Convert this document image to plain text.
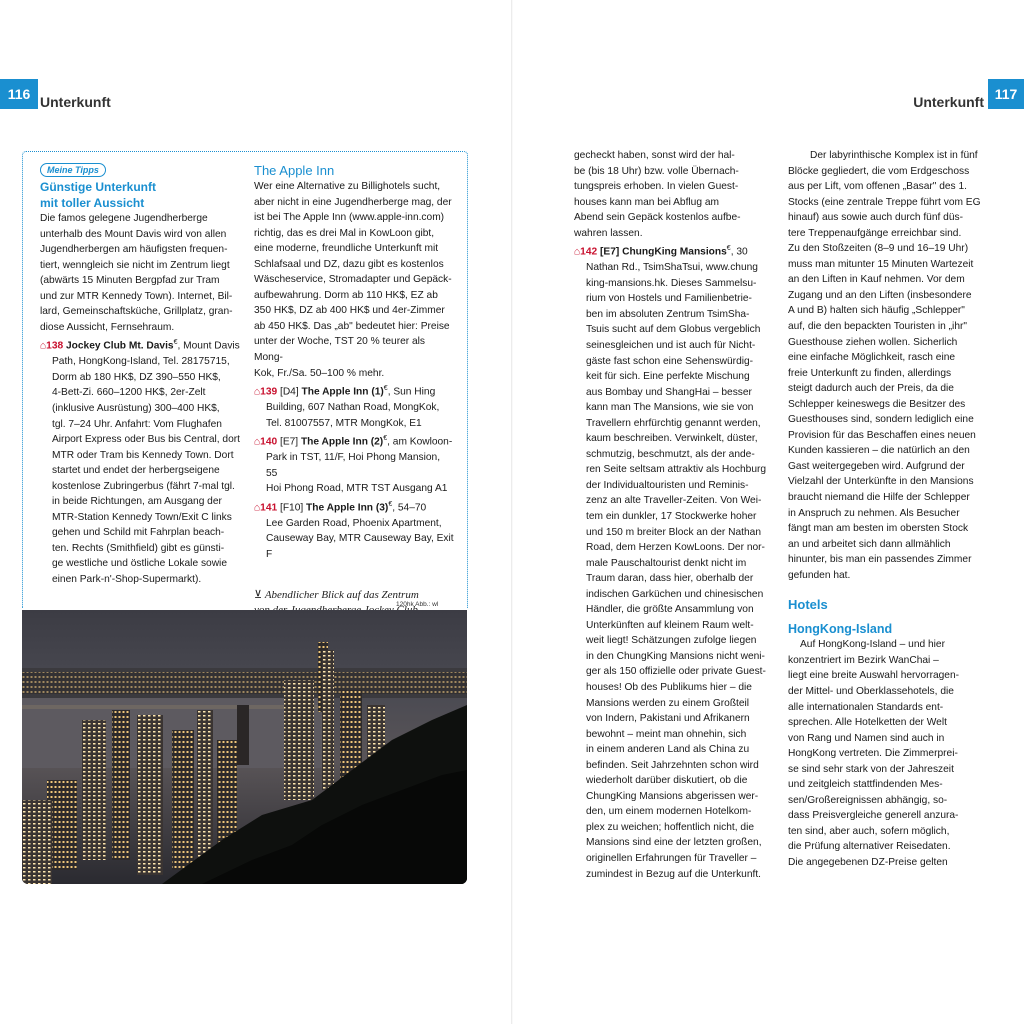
116 Unterkunft	Unterkunft 117
Meine Tipps
Günstige Unterkunft
mit toller Aussicht
Die famos gelegene Jugendherberge
unterhalb des Mount Davis wird von allen
Jugendherbergen am häufigsten frequen-
tiert, wenngleich sie nicht im Zentrum liegt
(abwärts 15 Minuten Bergpfad zur Tram
und zur MTR Kennedy Town). Internet, Bil-
lard, Gemeinschaftsküche, Grillplatz, gran-
diose Aussicht, Fernsehraum.
⌂138 Jockey Club Mt. Davis€, Mount Davis
Path, HongKong-Island, Tel. 28175715,
Dorm ab 180 HK$, DZ 390–550 HK$,
4-Bett-Zi. 660–1200 HK$, 2er-Zelt
(inklusive Ausrüstung) 300–400 HK$,
tgl. 7–24 Uhr. Anfahrt: Vom Flughafen
Airport Express oder Bus bis Central, dort
MTR oder Tram bis Kennedy Town. Dort
startet und endet der herbergseigene
kostenlose Zubringerbus (fährt 7-mal tgl.
in beide Richtungen, am Ausgang der
MTR-Station Kennedy Town/Exit C links
gehen und Schild mit Fahrplan beach-
ten. Rechts (Smithfield) gibt es günsti-
ge westliche und östliche Lokale sowie
einen Park-n'-Shop-Supermarkt).
The Apple Inn
Wer eine Alternative zu Billighotels sucht,
aber nicht in eine Jugendherberge mag, der
ist bei The Apple Inn (www.apple-inn.com)
richtig, das es drei Mal in KowLoon gibt,
eine moderne, freundliche Unterkunft mit
Schlafsaal und DZ, dazu gibt es kostenlos
Wäscheservice, Stromadapter und Gepäck-
aufbewahrung. Dorm ab 110 HK$, EZ ab
350 HK$, DZ ab 400 HK$ und 4er-Zimmer
ab 450 HK$. Das „ab" bedeutet hier: Preise
unter der Woche, TST 20 % teurer als Mong-
Kok, Fr./Sa. 50–100 % mehr.
⌂139 [D4] The Apple Inn (1)€, Sun Hing
Building, 607 Nathan Road, MongKok,
Tel. 81007557, MTR MongKok, E1
⌂140 [E7] The Apple Inn (2)€, am Kowloon-
Park in TST, 11/F, Hoi Phong Mansion, 55
Hoi Phong Road, MTR TST Ausgang A1
⌂141 [F10] The Apple Inn (3)€, 54–70
Lee Garden Road, Phoenix Apartment,
Causeway Bay, MTR Causeway Bay, Exit F
⊻ Abendlicher Blick auf das Zentrum
120hk Abb.: wl
gecheckt haben, sonst wird der hal-
be (bis 18 Uhr) bzw. volle Übernach-
tungspreis erhoben. In vielen Guest-
houses kann man bei Abflug am
Abend sein Gepäck kostenlos aufbe-
wahren lassen.
⌂142 [E7] ChungKing Mansions€, 30
Nathan Rd., TsimShaTsui, www.chung
king-mansions.hk. Dieses Sammelsu-
rium von Hostels und Familienbetrie-
ben im absoluten Zentrum TsimSha-
Tsuis sucht auf dem Globus vergeblich
seinesgleichen und ist auch für Nicht-
gäste fast schon eine Sehenswürdig-
keit für sich. Eine perfekte Mischung
aus Bombay und ShangHai – besser
kann man The Mansions, wie sie von
Travellern ehrfürchtig genannt werden,
kaum beschreiben. Verwinkelt, düster,
schmutzig, beschmutzt, als der ande-
ren Seite seltsam attraktiv als Hochburg
der Individualtouristen und Reminis-
zenz an alte Traveller-Zeiten. Von Wei-
tem ein dunkler, 17 Stockwerke hoher
und 150 m breiter Block an der Nathan
Road, dem Herzen KowLoons. Der nor-
male Pauschaltourist denkt nicht im
Traum daran, dass hier, oberhalb der
indischen Garküchen und chinesischen
Händler, die größte Ansammlung von
Unterkünften auf kleinem Raum welt-
weit liegt! Schätzungen zufolge liegen
in den ChungKing Mansions nicht weni-
ger als 150 offizielle oder private Guest-
houses! Ob des Publikums hier – die
Mansions werden zu einem Großteil
von Indern, Pakistani und Afrikanern
bewohnt – meint man ohnehin, sich
in einem anderen Land als China zu
befinden. Seit Jahrzehnten schon wird
wiederholt darüber diskutiert, ob die
ChungKing Mansions abgerissen wer-
den, um einem modernen Hotelkom-
plex zu weichen; hoffentlich nicht, die
Mansions sind eine der letzten großen,
originellen Erfahrungen für Traveller –
zumindest in Bezug auf die Unterkunft.
Der labyrinthische Komplex ist in fünf
Blöcke gegliedert, die vom Erdgeschoss
aus per Lift, vom offenen „Basar" des 1.
Stocks (eine zentrale Treppe führt vom EG
hinauf) aus sowie auch durch fünf düs-
tere Treppenaufgänge erreichbar sind.
Zu den Stoßzeiten (8–9 und 16–19 Uhr)
muss man mitunter 15 Minuten Wartezeit
an den Liften in Kauf nehmen. Vor dem
Zugang und an den Liften (insbesondere
A und B) halten sich häufig „Schlepper"
auf, die den bepackten Touristen in „ihr"
Guesthouse ziehen wollen. Sicherlich
eine einfache Möglichkeit, rasch eine
freie Unterkunft zu finden, allerdings
steigt dadurch auch der Preis, da die
Schlepper keineswegs die Besitzer des
Guesthouses sind, sondern lediglich eine
Provision für das Beschaffen eines neuen
Kunden kassieren – die natürlich an den
Gast weitergegeben wird. Aufgrund der
Vielzahl der Unterkünfte in den Mansions
braucht niemand die Hilfe der Schlepper
in Anspruch zu nehmen. Als Besucher
fängt man am besten im obersten Stock
an und arbeitet sich dann allmählich
hinunter, bis man ein passendes Zimmer
gefunden hat.
Hotels
HongKong-Island
Auf HongKong-Island – und hier
konzentriert im Bezirk WanChai –
liegt eine breite Auswahl hervorragen-
der Mittel- und Oberklassehotels, die
alle internationalen Standards ent-
sprechen. Alle Hotelketten der Welt
von Rang und Namen sind auch in
HongKong vertreten. Die Zimmerprei-
se sind sehr stark von der Jahreszeit
und zeitgleich stattfindenden Mes-
sen/Großereignissen abhängig, so-
dass Preisvergleiche generell anzura-
ten sind, aber auch, sofern möglich,
die Prüfung alternativer Reisedaten.
Die angegebenen DZ-Preise gelten
